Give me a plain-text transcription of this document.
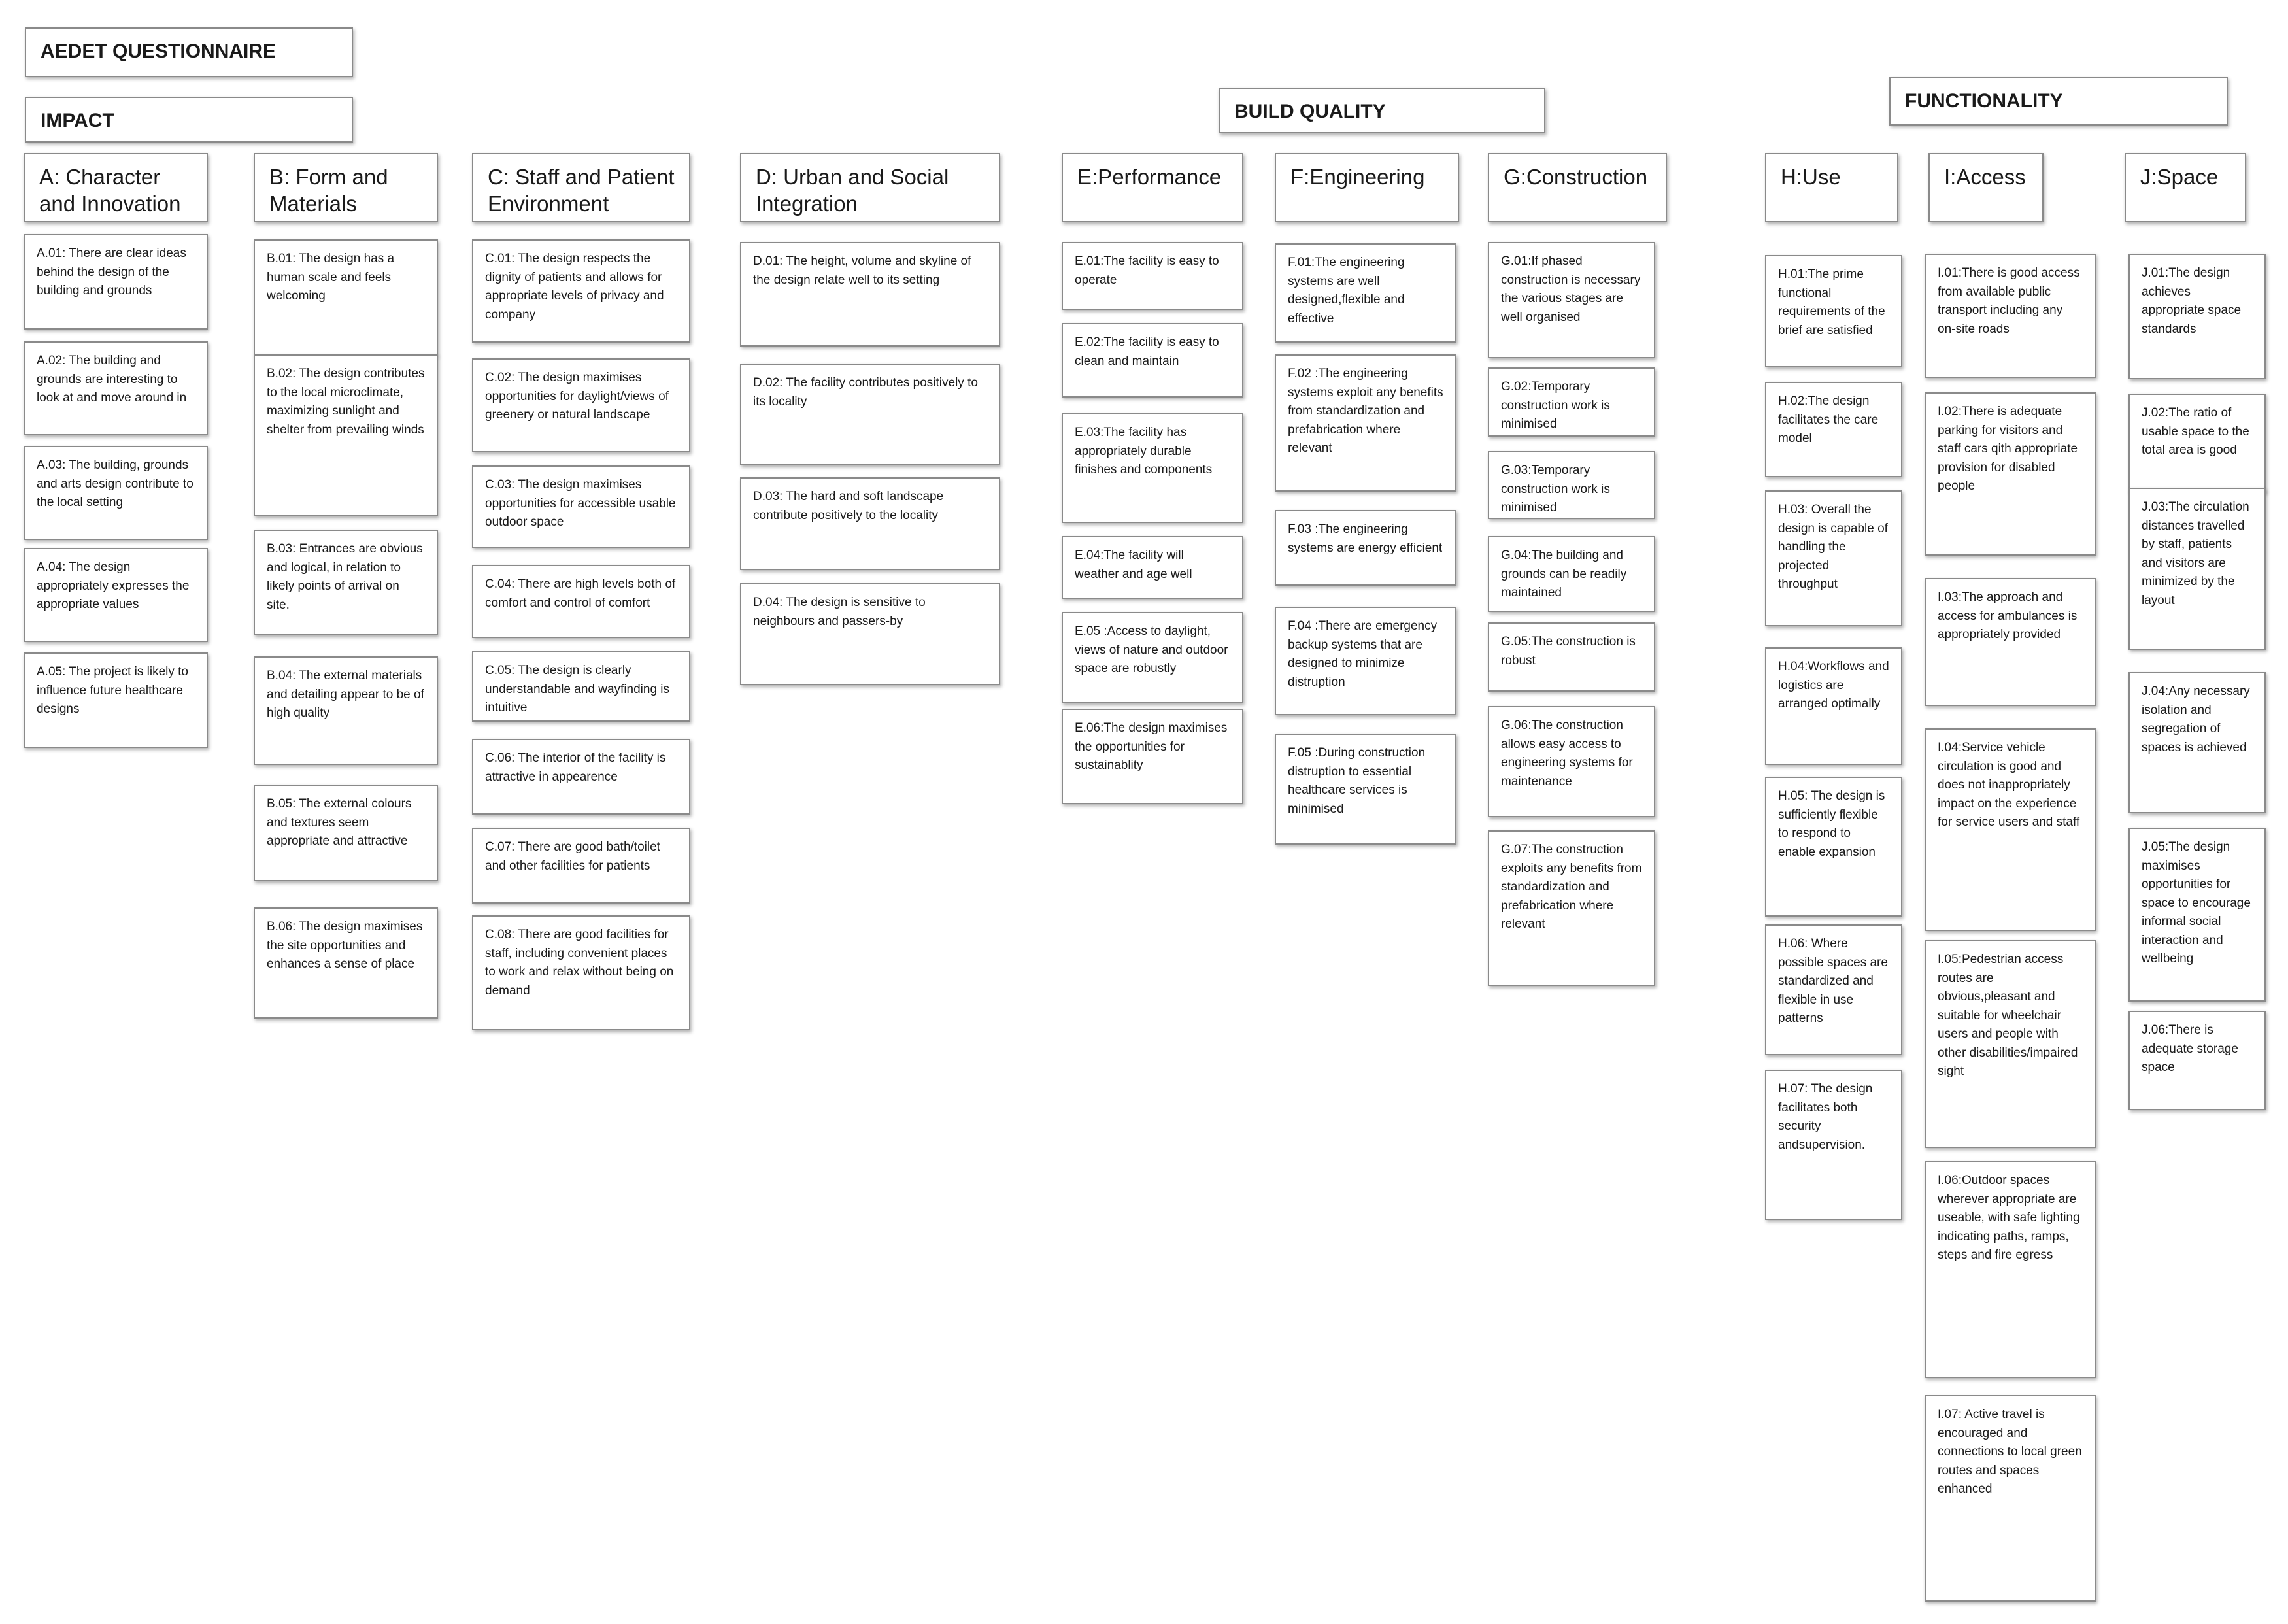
AEDET QUESTIONNAIRE
IMPACT	BUILD QUALITY	FUNCTIONALITY
A: Character and Innovation
B: Form and Materials
C: Staff and Patient Environment
D: Urban and Social Integration
E:Performance	F:Engineering	G:Construction	H:Use	I:Access	J:Space
A.01: There are clear ideas behind the design of the building and grounds
A.02: The building and grounds are interesting to look at and move around in
A.03: The building, grounds and arts design contribute to the local setting
A.04: The design appropriately expresses the appropriate values
A.05: The project is likely to influence future healthcare designs
B.01: The design has a human scale and feels welcoming
B.02: The design contributes to the local microclimate, maximizing sunlight and shelter from prevailing winds
B.03: Entrances are obvious and logical, in relation to likely points of arrival on site.
B.04: The external materials and detailing appear to be of high quality
B.05: The external colours and textures seem appropriate and attractive
B.06: The design maximises the site opportunities and enhances a sense of place
C.01: The design respects the dignity of patients and allows for appropriate levels of privacy and company
C.02: The design maximises opportunities for daylight/views of greenery or natural landscape
C.03: The design maximises opportunities for accessible usable outdoor space
C.04: There are high levels both of comfort and control of comfort
C.05: The design is clearly understandable and wayfinding is intuitive
C.06: The interior of the facility is attractive in appearence
C.07: There are good bath/toilet and other facilities for patients
C.08: There are good facilities for staff, including convenient places to work and relax without being on demand
D.01: The height, volume and skyline of the design relate well to its setting
D.02: The facility contributes positively to its locality
D.03: The hard and soft landscape contribute positively to the locality
D.04: The design is sensitive to neighbours and passers-by
E.01:The facility is easy to operate
E.02:The facility is easy to clean and maintain
E.03:The facility has appropriately durable finishes and components
E.04:The facility will weather and age well
E.05 :Access to daylight, views of nature and outdoor space are robustly
E.06:The design maximises the opportunities for sustainablity
F.01:The engineering systems are well designed,flexible and effective
F.02 :The engineering systems exploit any benefits from standardization and prefabrication where relevant
F.03 :The engineering systems are energy efficient
F.04 :There are emergency backup systems that are designed to minimize distruption
F.05 :During construction distruption to essential healthcare services is minimised
G.01:If phased construction is necessary the various stages are well organised
G.02:Temporary construction work is minimised
G.03:Temporary construction work is minimised
G.04:The building and grounds can be readily maintained
G.05:The construction is robust
G.06:The construction allows easy access to engineering systems for maintenance
G.07:The construction exploits any benefits from standardization and prefabrication where relevant
H.01:The prime functional requirements of the brief are satisfied
H.02:The design facilitates the care model
H.03: Overall the design is capable of handling the projected throughput
H.04:Workflows and logistics are arranged optimally
H.05: The design is sufficiently flexible to respond to enable expansion
H.06: Where possible spaces are standardized and flexible in use patterns
H.07: The design facilitates both security andsupervision.
I.01:There is good access from available public transport including any on-site roads
I.02:There is adequate parking for visitors and staff cars qith appropriate provision for disabled people
I.03:The approach and access for ambulances is appropriately provided
I.04:Service vehicle circulation is good and does not inappropriately impact on the experience for service users and staff
I.05:Pedestrian access routes are obvious,pleasant and suitable for wheelchair users and people with other disabilities/impaired sight
I.06:Outdoor spaces wherever appropriate are useable, with safe lighting indicating paths, ramps, steps and fire egress
I.07: Active travel is encouraged and connections to local green routes and spaces enhanced
J.01:The design achieves appropriate space standards
J.02:The ratio of usable space to the total area is good
J.03:The circulation distances travelled by staff, patients and visitors are minimized by the layout
J.04:Any necessary isolation and segregation of spaces is achieved
J.05:The design maximises opportunities for space to encourage informal social interaction and wellbeing
J.06:There is adequate storage space
